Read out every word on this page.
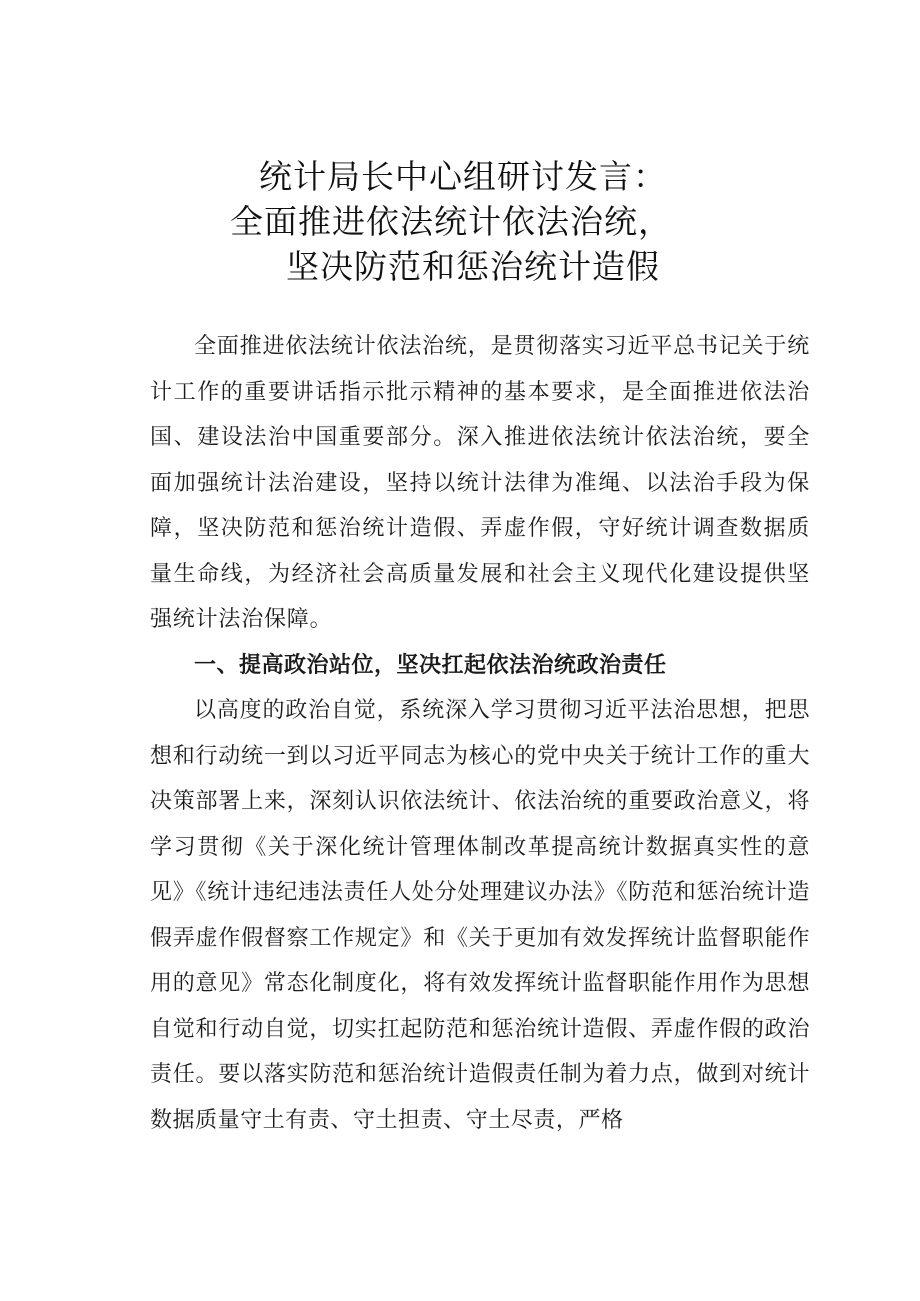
统计局长中心组研讨发言：
全面推进依法统计依法治统，
坚决防范和惩治统计造假

全面推进依法统计依法治统，是贯彻落实习近平总书记关于统计工作的重要讲话指示批示精神的基本要求，是全面推进依法治国、建设法治中国重要部分。深入推进依法统计依法治统，要全面加强统计法治建设，坚持以统计法律为准绳、以法治手段为保障，坚决防范和惩治统计造假、弄虚作假，守好统计调查数据质量生命线，为经济社会高质量发展和社会主义现代化建设提供坚强统计法治保障。

一、提高政治站位，坚决扛起依法治统政治责任

以高度的政治自觉，系统深入学习贯彻习近平法治思想，把思想和行动统一到以习近平同志为核心的党中央关于统计工作的重大决策部署上来，深刻认识依法统计、依法治统的重要政治意义，将学习贯彻《关于深化统计管理体制改革提高统计数据真实性的意见》《统计违纪违法责任人处分处理建议办法》《防范和惩治统计造假弄虚作假督察工作规定》和《关于更加有效发挥统计监督职能作用的意见》常态化制度化，将有效发挥统计监督职能作用作为思想自觉和行动自觉，切实扛起防范和惩治统计造假、弄虚作假的政治责任。要以落实防范和惩治统计造假责任制为着力点，做到对统计数据质量守土有责、守土担责、守土尽责，严格
